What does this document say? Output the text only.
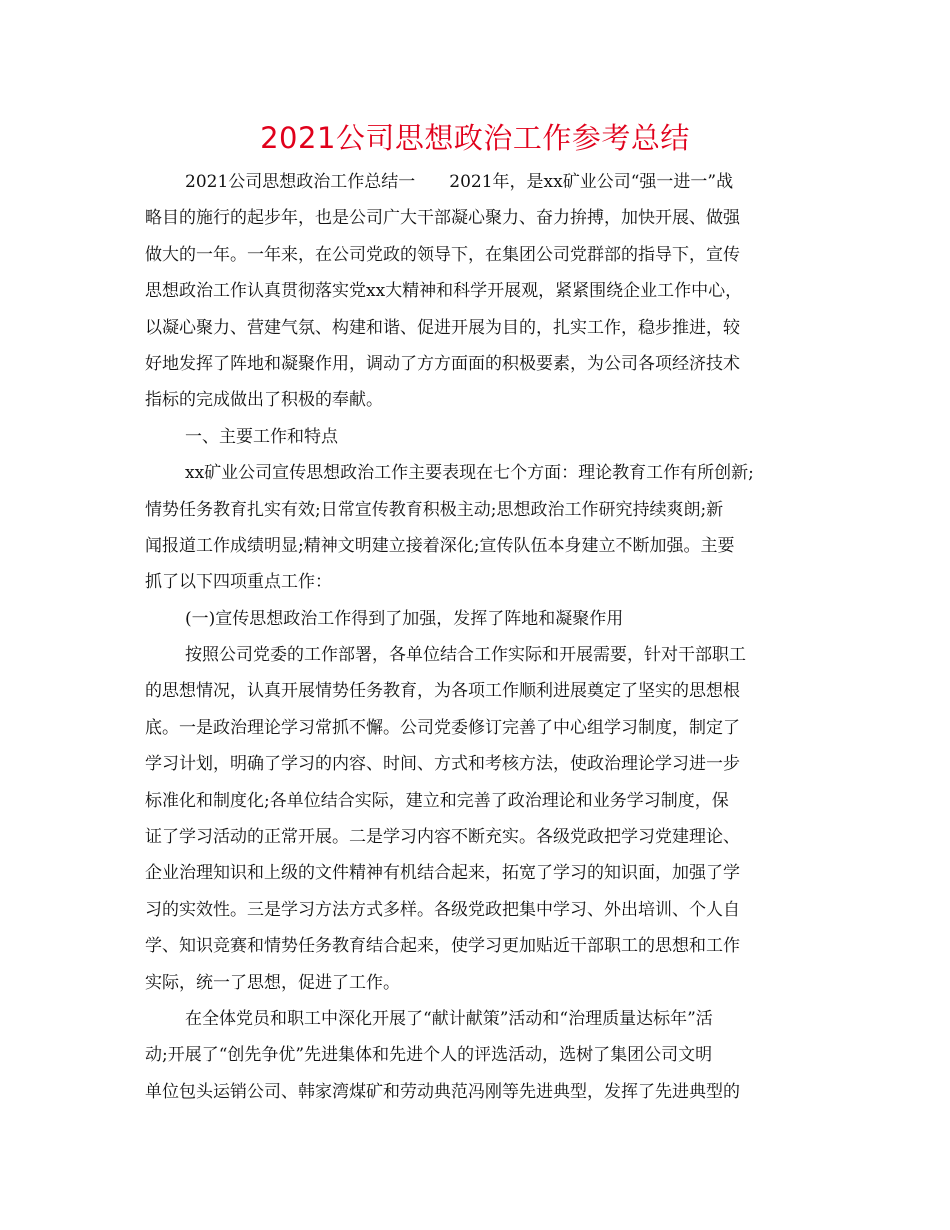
2021公司思想政治工作参考总结
2021公司思想政治工作总结一 2021年，是xx矿业公司“强一进一”战
略目的施行的起步年，也是公司广大干部凝心聚力、奋力拚搏，加快开展、做强
做大的一年。一年来，在公司党政的领导下，在集团公司党群部的指导下，宣传
思想政治工作认真贯彻落实党xx大精神和科学开展观，紧紧围绕企业工作中心，
以凝心聚力、营建气氛、构建和谐、促进开展为目的，扎实工作，稳步推进，较
好地发挥了阵地和凝聚作用，调动了方方面面的积极要素，为公司各项经济技术
指标的完成做出了积极的奉献。
一、主要工作和特点
xx矿业公司宣传思想政治工作主要表现在七个方面：理论教育工作有所创新;
情势任务教育扎实有效;日常宣传教育积极主动;思想政治工作研究持续爽朗;新
闻报道工作成绩明显;精神文明建立接着深化;宣传队伍本身建立不断加强。主要
抓了以下四项重点工作：
(一)宣传思想政治工作得到了加强，发挥了阵地和凝聚作用
按照公司党委的工作部署，各单位结合工作实际和开展需要，针对干部职工
的思想情况，认真开展情势任务教育，为各项工作顺利进展奠定了坚实的思想根
底。一是政治理论学习常抓不懈。公司党委修订完善了中心组学习制度，制定了
学习计划，明确了学习的内容、时间、方式和考核方法，使政治理论学习进一步
标准化和制度化;各单位结合实际，建立和完善了政治理论和业务学习制度，保
证了学习活动的正常开展。二是学习内容不断充实。各级党政把学习党建理论、
企业治理知识和上级的文件精神有机结合起来，拓宽了学习的知识面，加强了学
习的实效性。三是学习方法方式多样。各级党政把集中学习、外出培训、个人自
学、知识竞赛和情势任务教育结合起来，使学习更加贴近干部职工的思想和工作
实际，统一了思想，促进了工作。
在全体党员和职工中深化开展了“献计献策”活动和“治理质量达标年”活
动;开展了“创先争优”先进集体和先进个人的评选活动，选树了集团公司文明
单位包头运销公司、韩家湾煤矿和劳动典范冯刚等先进典型，发挥了先进典型的
